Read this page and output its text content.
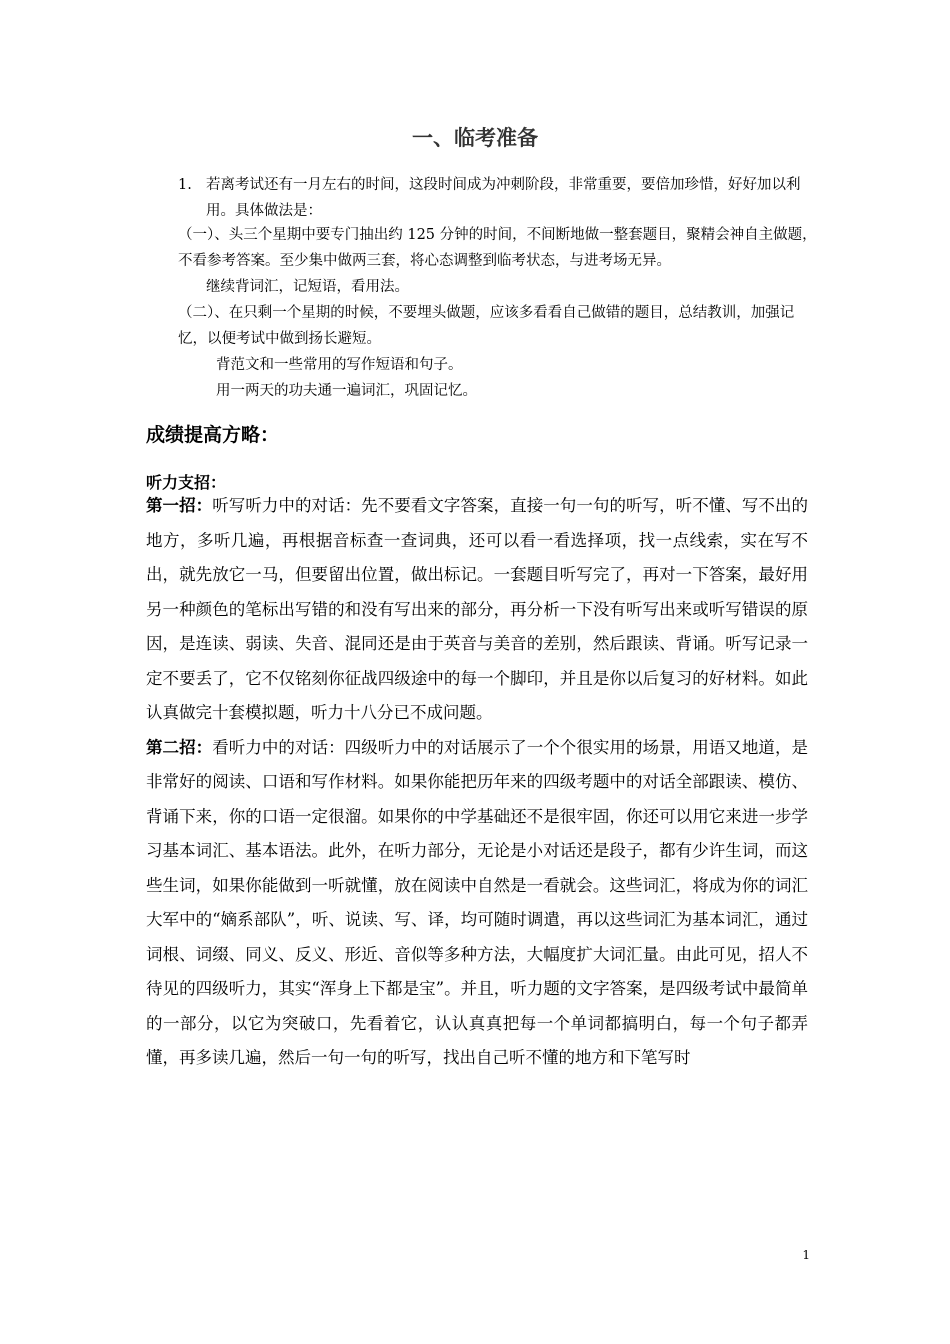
一、临考准备
1. 若离考试还有一月左右的时间，这段时间成为冲刺阶段，非常重要，要倍加珍惜，好好加以利用。具体做法是：

（一）、头三个星期中要专门抽出约 125 分钟的时间，不间断地做一整套题目，聚精会神自主做题，不看参考答案。至少集中做两三套，将心态调整到临考状态，与进考场无异。

继续背词汇，记短语，看用法。

（二）、在只剩一个星期的时候，不要埋头做题，应该多看看自己做错的题目，总结教训，加强记忆，以便考试中做到扬长避短。

背范文和一些常用的写作短语和句子。

用一两天的功夫通一遍词汇，巩固记忆。

成绩提高方略：
听力支招：

第一招：听写听力中的对话：先不要看文字答案，直接一句一句的听写，听不懂、写不出的地方，多听几遍，再根据音标查一查词典，还可以看一看选择项，找一点线索，实在写不出，就先放它一马，但要留出位置，做出标记。一套题目听写完了，再对一下答案，最好用另一种颜色的笔标出写错的和没有写出来的部分，再分析一下没有听写出来或听写错误的原因，是连读、弱读、失音、混同还是由于英音与美音的差别，然后跟读、背诵。听写记录一定不要丢了，它不仅铭刻你征战四级途中的每一个脚印，并且是你以后复习的好材料。如此认真做完十套模拟题，听力十八分已不成问题。

第二招：看听力中的对话：四级听力中的对话展示了一个个很实用的场景，用语又地道，是非常好的阅读、口语和写作材料。如果你能把历年来的四级考题中的对话全部跟读、模仿、背诵下来，你的口语一定很溜。如果你的中学基础还不是很牢固，你还可以用它来进一步学习基本词汇、基本语法。此外，在听力部分，无论是小对话还是段子，都有少许生词，而这些生词，如果你能做到一听就懂，放在阅读中自然是一看就会。这些词汇，将成为你的词汇大军中的“嫡系部队”，听、说读、写、译，均可随时调遣，再以这些词汇为基本词汇，通过词根、词缀、同义、反义、形近、音似等多种方法，大幅度扩大词汇量。由此可见，招人不待见的四级听力，其实“浑身上下都是宝”。并且，听力题的文字答案，是四级考试中最简单的一部分，以它为突破口，先看着它，认认真真把每一个单词都搞明白，每一个句子都弄懂，再多读几遍，然后一句一句的听写，找出自己听不懂的地方和下笔写时

1
